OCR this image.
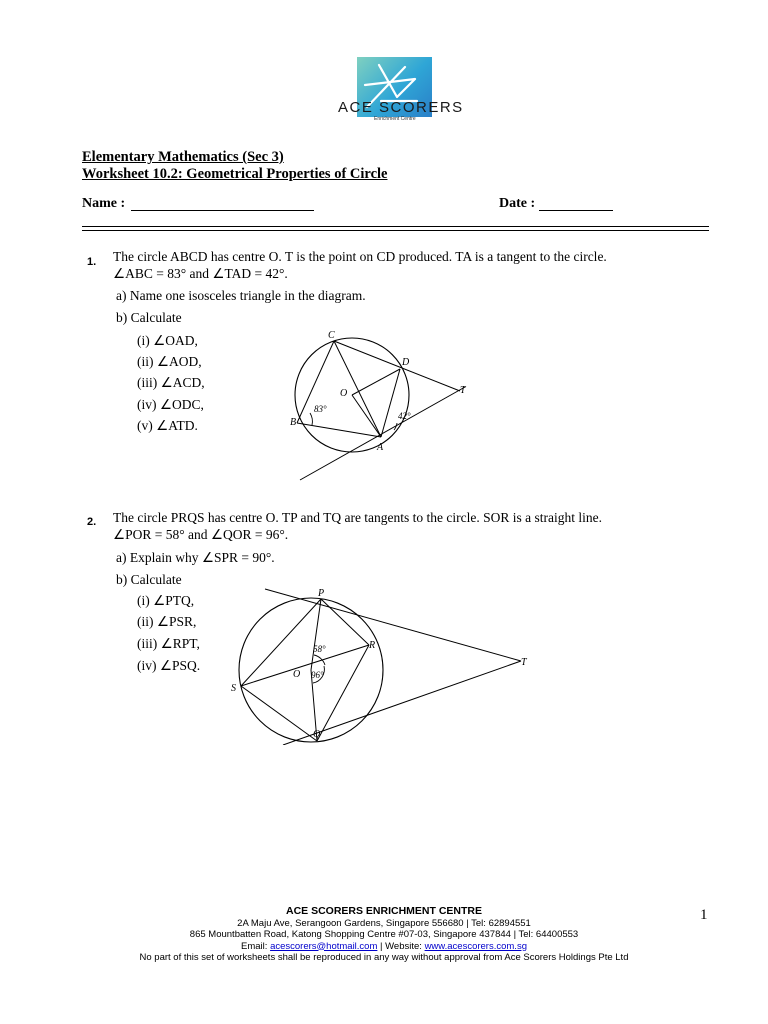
ACE SCORERS
Enrichment Centre
Elementary Mathematics (Sec 3)
Worksheet 10.2: Geometrical Properties of Circle
Name :	Date :
1. The circle ABCD has centre O. T is the point on CD produced. TA is a tangent to the circle.
∠ABC = 83° and ∠TAD = 42°.
a) Name one isosceles triangle in the diagram.
b) Calculate
(i) ∠OAD,
(ii) ∠AOD,
(iii) ∠ACD,
(iv) ∠ODC,
(v) ∠ATD.
C
D
O	T
B
A
83°
42°
2. The circle PRQS has centre O. TP and TQ are tangents to the circle. SOR is a straight line.
∠POR = 58° and ∠QOR = 96°.
a) Explain why ∠SPR = 90°.
b) Calculate
(i) ∠PTQ,
(ii) ∠PSR,
(iii) ∠RPT,
(iv) ∠PSQ.
P
R
S
O
Q
T
58°
96°
ACE SCORERS ENRICHMENT CENTRE
2A Maju Ave, Serangoon Gardens, Singapore 556680 | Tel: 62894551
865 Mountbatten Road, Katong Shopping Centre #07-03, Singapore 437844 | Tel: 64400553
Email: acescorers@hotmail.com | Website: www.acescorers.com.sg
No part of this set of worksheets shall be reproduced in any way without approval from Ace Scorers Holdings Pte Ltd
1
